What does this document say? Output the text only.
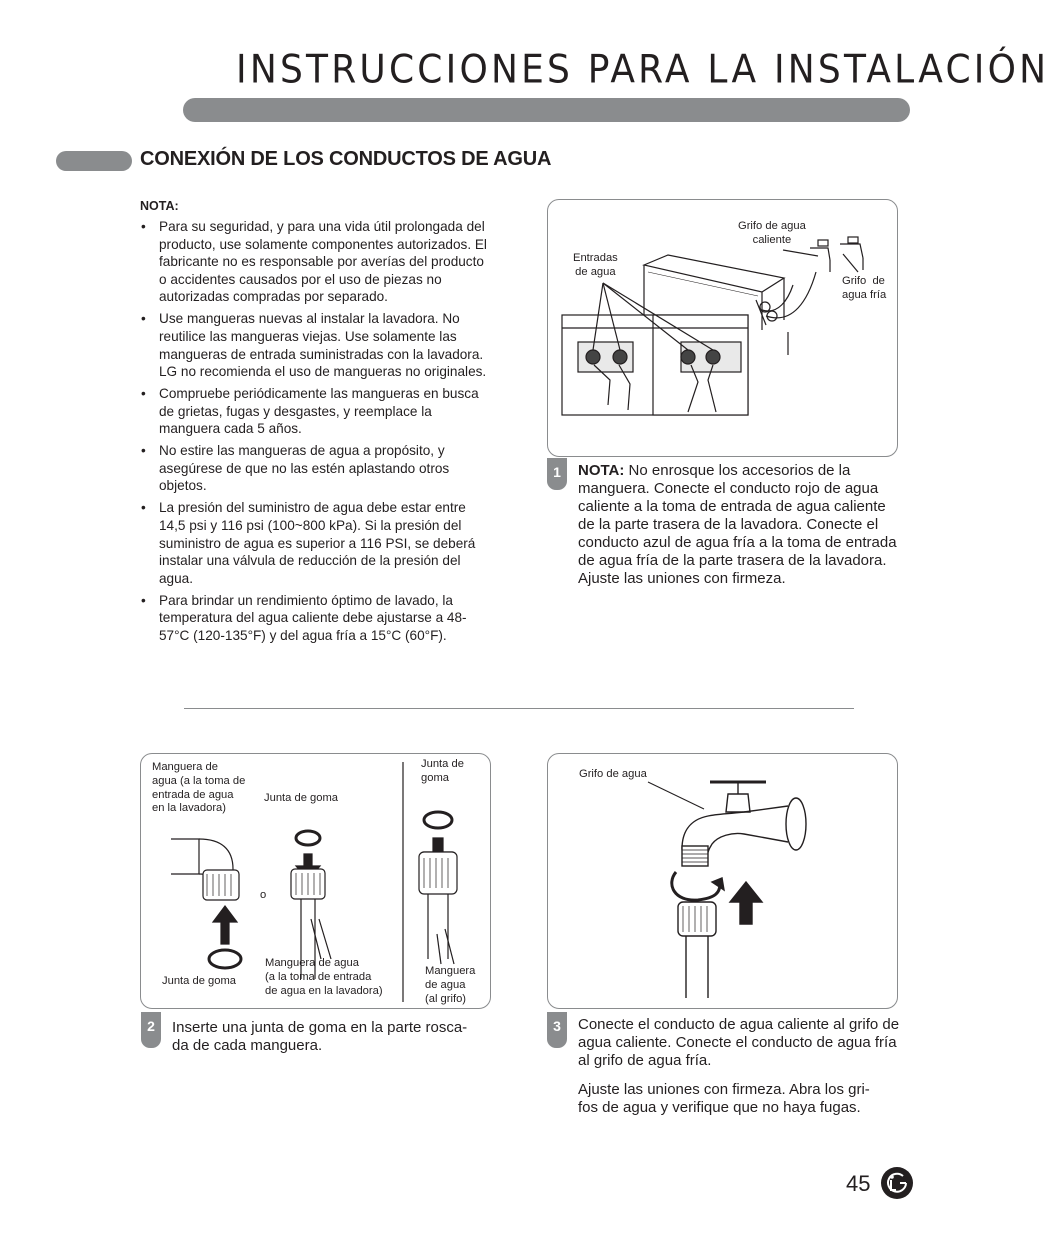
INSTRUCCIONES PARA LA INSTALACIÓN
CONEXIÓN DE LOS CONDUCTOS DE AGUA
NOTA:
• Para su seguridad, y para una vida útil prolongada del producto, use solamente componentes autorizados. El fabricante no es responsable por averías del producto o accidentes causados por el uso de piezas no autorizadas compradas por separado.
• Use mangueras nuevas al instalar la lavadora. No reutilice las mangueras viejas. Use solamente las mangueras de entrada suministradas con la lavadora. LG no recomienda el uso de mangueras no originales.
• Compruebe periódicamente las mangueras en busca de grietas, fugas y desgastes, y reemplace la manguera cada 5 años.
• No estire las mangueras de agua a propósito, y asegúrese de que no las estén aplastando otros objetos.
• La presión del suministro de agua debe estar entre 14,5 psi y 116 psi (100~800 kPa). Si la presión del suministro de agua es superior a 116 PSI, se deberá instalar una válvula de reducción de la presión del agua.
• Para brindar un rendimiento óptimo de lavado, la temperatura del agua caliente debe ajustarse a 48-57°C (120-135°F) y del agua fría a 15°C (60°F).
Entradas
de agua
Grifo de agua
caliente
Grifo  de
agua fría
1	NOTA: No enrosque los accesorios de la manguera. Conecte el conducto rojo de agua caliente a la toma de entrada de agua caliente de la parte trasera de la lavadora. Conecte el conducto azul de agua fría a la toma de entrada de agua fría de la parte trasera de la lavadora. Ajuste las uniones con firmeza.
Manguera de
agua (a la toma de
entrada de agua
en la lavadora)
Junta de goma
Junta de
goma
o
Junta de goma
Manguera de agua
(a la toma de entrada
de agua en la lavadora)
Manguera
de agua
(al grifo)
2	Inserte una junta de goma en la parte rosca-
da de cada manguera.
Grifo de agua
3	Conecte el conducto de agua caliente al grifo de agua caliente. Conecte el conducto de agua fría al grifo de agua fría.
Ajuste las uniones con firmeza. Abra los gri-
fos de agua y verifique que no haya fugas.
45
